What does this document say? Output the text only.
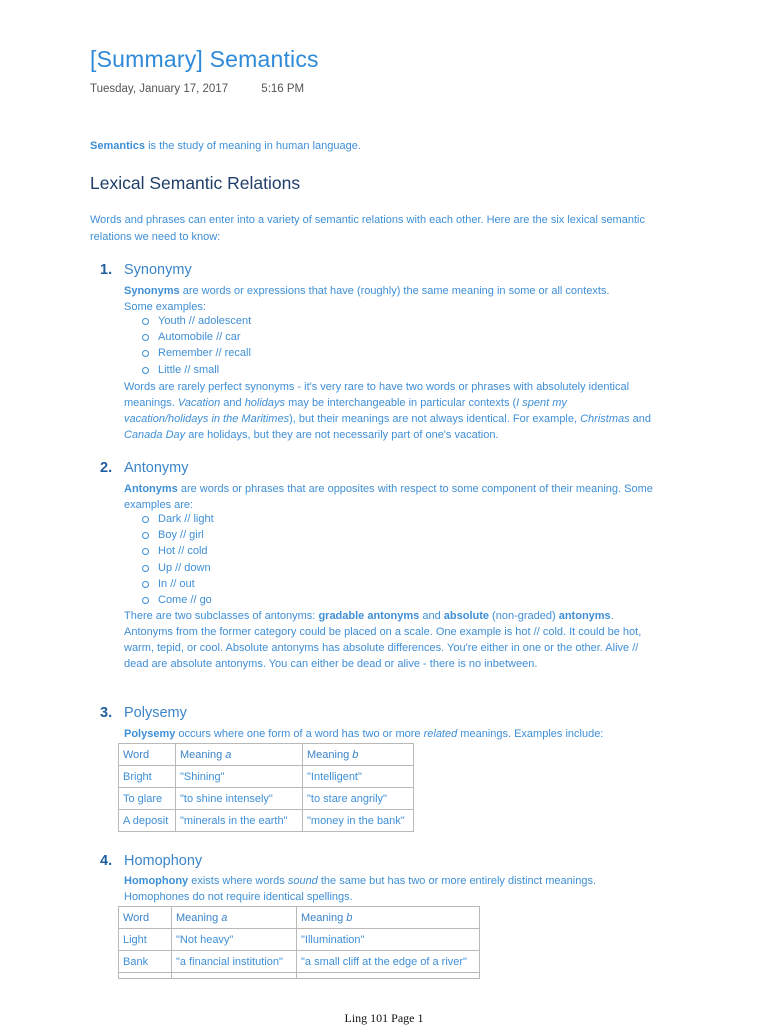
[Summary] Semantics
Tuesday, January 17, 2017	5:16 PM
Semantics is the study of meaning in human language.
Lexical Semantic Relations

Words and phrases can enter into a variety of semantic relations with each other. Here are the six lexical semantic relations we need to know:

1. Synonymy

Synonyms are words or expressions that have (roughly) the same meaning in some or all contexts.
Some examples:

Youth // adolescent
Automobile // car
Remember // recall
Little // small

Words are rarely perfect synonyms - it's very rare to have two words or phrases with absolutely identical meanings. Vacation and holidays may be interchangeable in particular contexts (I spent my vacation/holidays in the Maritimes), but their meanings are not always identical. For example, Christmas and Canada Day are holidays, but they are not necessarily part of one's vacation.

2. Antonymy

Antonyms are words or phrases that are opposites with respect to some component of their meaning. Some examples are:

Dark // light
Boy // girl
Hot // cold
Up // down
In // out
Come // go

There are two subclasses of antonyms: gradable antonyms and absolute (non-graded) antonyms. Antonyms from the former category could be placed on a scale. One example is hot // cold. It could be hot, warm, tepid, or cool. Absolute antonyms has absolute differences. You're either in one or the other. Alive // dead are absolute antonyms. You can either be dead or alive - there is no inbetween.

3. Polysemy

Polysemy occurs where one form of a word has two or more related meanings. Examples include:

Word	Meaning a	Meaning b
Bright	"Shining"	"Intelligent"
To glare	"to shine intensely"	"to stare angrily"
A deposit	"minerals in the earth"	"money in the bank"
4. Homophony

Homophony exists where words sound the same but has two or more entirely distinct meanings.
Homophones do not require identical spellings.

Word	Meaning a	Meaning b
Light	"Not heavy"	"Illumination"
Bank	"a financial institution"	"a small cliff at the edge of a river"

Ling 101 Page 1
